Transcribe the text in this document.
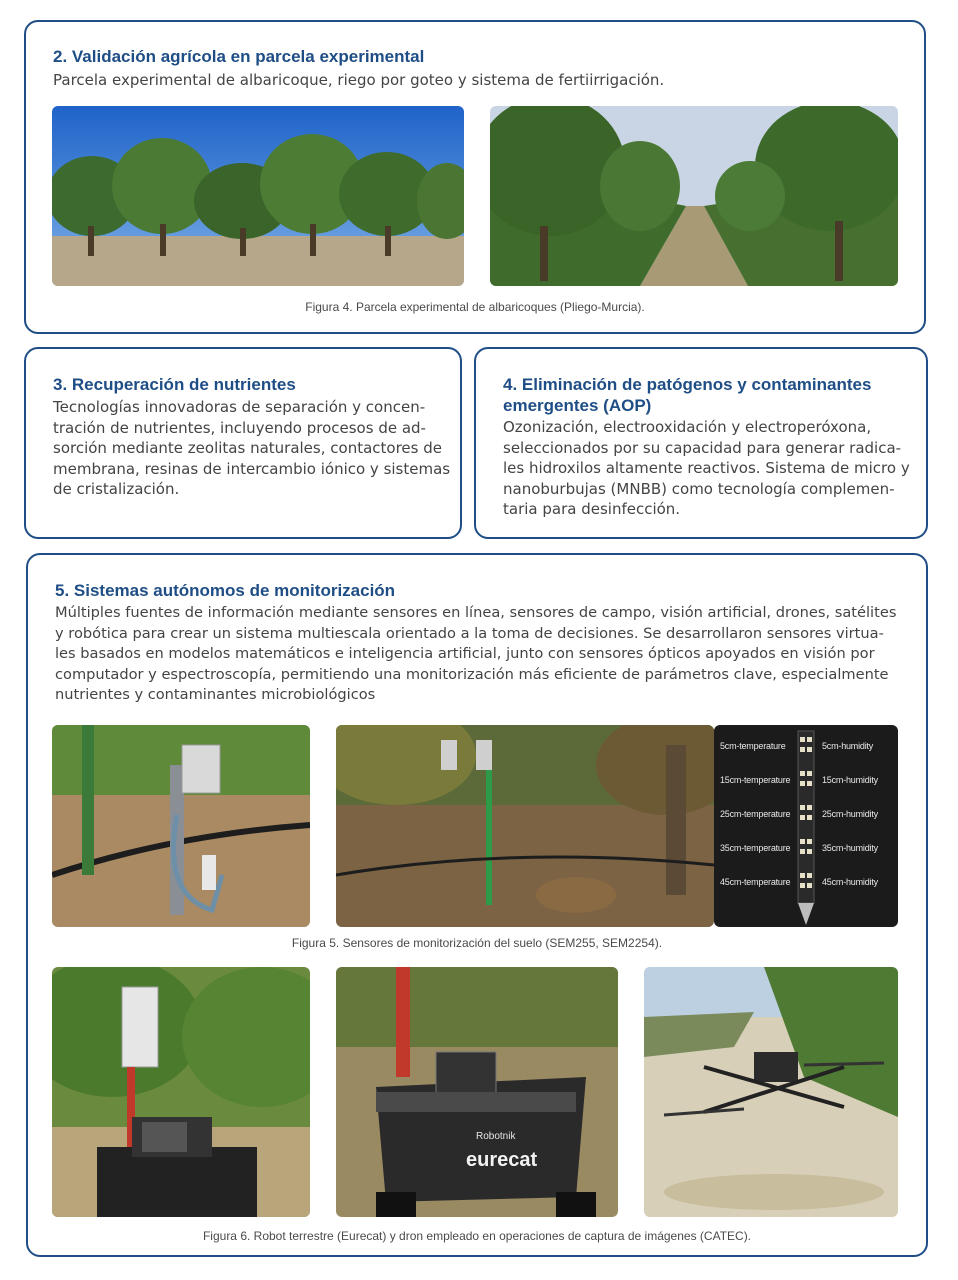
2. Validación agrícola en parcela experimental

Parcela experimental de albaricoque, riego por goteo y sistema de fertiirrigación.

Figura 4. Parcela experimental de albaricoques (Pliego-Murcia).
3. Recuperación de nutrientes
Tecnologías innovadoras de separación y concen-
tración de nutrientes, incluyendo procesos de ad-
sorción mediante zeolitas naturales, contactores de
membrana, resinas de intercambio iónico y sistemas
de cristalización.
4. Eliminación de patógenos y contaminantes
emergentes (AOP)
Ozonización, electrooxidación y electroperóxona,
seleccionados por su capacidad para generar radica-
les hidroxilos altamente reactivos. Sistema de micro y
nanoburbujas (MNBB) como tecnología complemen-
taria para desinfección.
5. Sistemas autónomos de monitorización
Múltiples fuentes de información mediante sensores en línea, sensores de campo, visión artificial, drones, satélites
y robótica para crear un sistema multiescala orientado a la toma de decisiones. Se desarrollaron sensores virtua-
les basados en modelos matemáticos e inteligencia artificial, junto con sensores ópticos apoyados en visión por
computador y espectroscopía, permitiendo una monitorización más eficiente de parámetros clave, especialmente
nutrientes y contaminantes microbiológicos
5cm-temperature
15cm-temperature
25cm-temperature
35cm-temperature
45cm-temperature
5cm-humidity
15cm-humidity
25cm-humidity
35cm-humidity
45cm-humidity
Figura 5. Sensores de monitorización del suelo (SEM255, SEM2254).
Robotnik
eurecat
Figura 6. Robot terrestre (Eurecat) y dron empleado en operaciones de captura de imágenes (CATEC).
